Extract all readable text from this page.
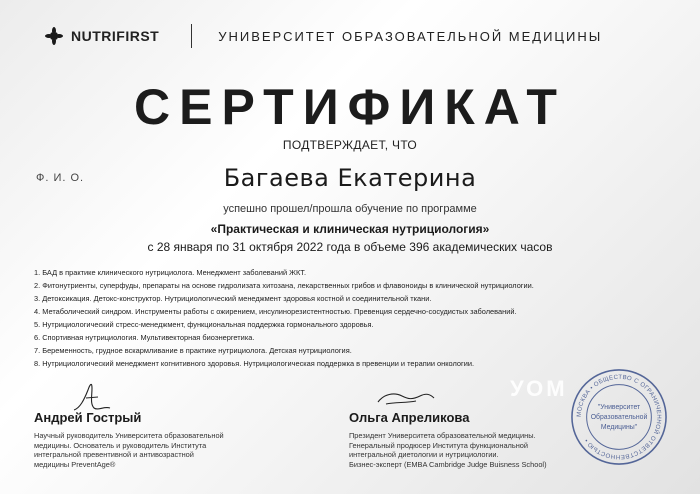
NUTRIFIRST	УНИВЕРСИТЕТ ОБРАЗОВАТЕЛЬНОЙ МЕДИЦИНЫ
СЕРТИФИКАТ
ПОДТВЕРЖДАЕТ, ЧТО
Ф. И. О.	Багаева Екатерина
успешно прошел/прошла обучение по программе
«Практическая и клиническая нутрициология»
с 28 января по 31 октября 2022 года в объеме 396 академических часов
1. БАД в практике клинического нутрициолога. Менеджмент заболеваний ЖКТ.
2. Фитонутриенты, суперфуды, препараты на основе гидролизата хитозана, лекарственных грибов и флавоноиды в клинической нутрициологии.
3. Детоксикация. Детокс-конструктор. Нутрициологический менеджмент здоровья костной и соединительной ткани.
4. Метаболический синдром. Инструменты работы с ожирением, инсулинорезистентностью. Превенция сердечно-сосудистых заболеваний.
5. Нутрициологический стресс-менеджмент, функциональная поддержка гормонального здоровья.
6. Спортивная нутрициология. Мультивекторная биоэнергетика.
7. Беременность, грудное вскармливание в практике нутрициолога. Детская нутрициология.
8. Нутрициологический менеджмент когнитивного здоровья. Нутрициологическая поддержка в превенции и терапии онкологии.
УОМ
Андрей Гострый
Научный руководитель Университета образовательной
медицины. Основатель и руководитель Института
интегральной превентивной и антивозрастной
медицины PreventAge®
Ольга Апреликова
Президент Университета образовательной медицины.
Генеральный продюсер Института функциональной
интегральной диетологии и нутрициологии.
Бизнес-эксперт (EMBA Cambridge Judge Buisness School)
МОСКВА • ОБЩЕСТВО С ОГРАНИЧЕННОЙ ОТВЕТСТВЕННОСТЬЮ •
"Университет
Образовательной
Медицины"
